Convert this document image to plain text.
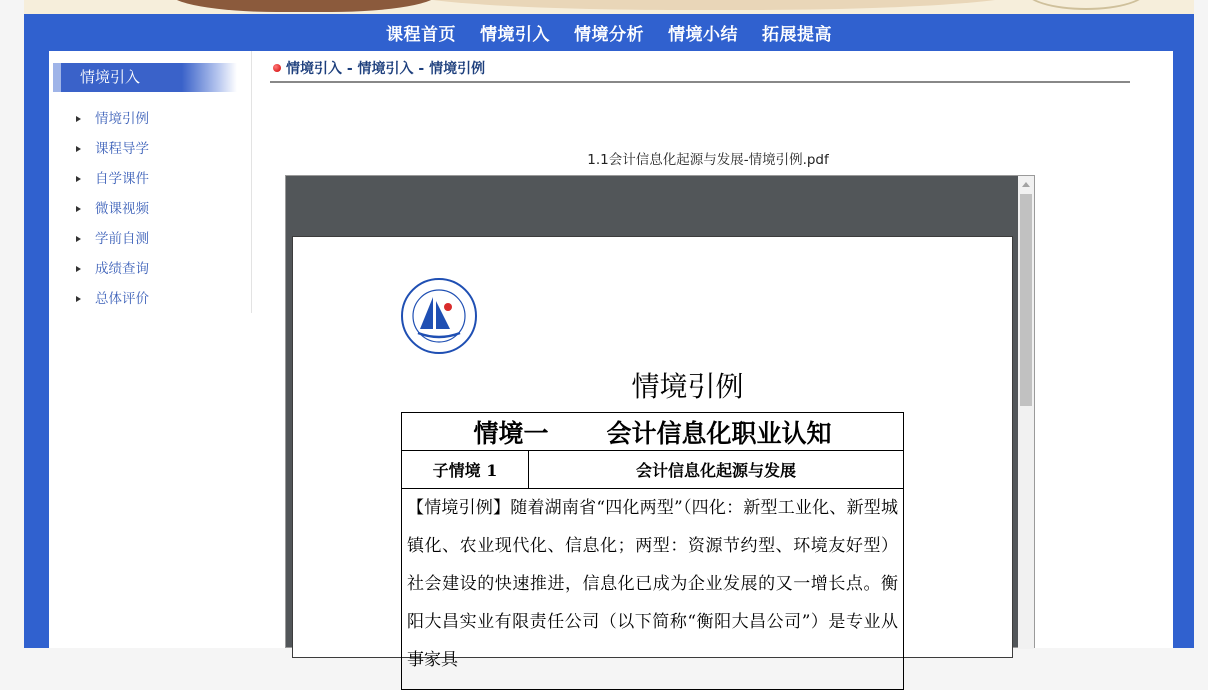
课程首页 情境引入 情境分析 情境小结 拓展提高
情境引入
情境引例
课程导学
自学课件
微课视频
学前自测
成绩查询
总体评价
情境引入 - 情境引入 - 情境引例
1.1会计信息化起源与发展-情境引例.pdf
情境引例
情境一 会计信息化职业认知
子情境 1	会计信息化起源与发展
【情境引例】随着湖南省“四化两型”（四化：新型工业化、新型城镇化、农业现代化、信息化；两型：资源节约型、环境友好型）社会建设的快速推进，信息化已成为企业发展的又一增长点。衡阳大昌实业有限责任公司（以下简称“衡阳大昌公司”）是专业从事家具
